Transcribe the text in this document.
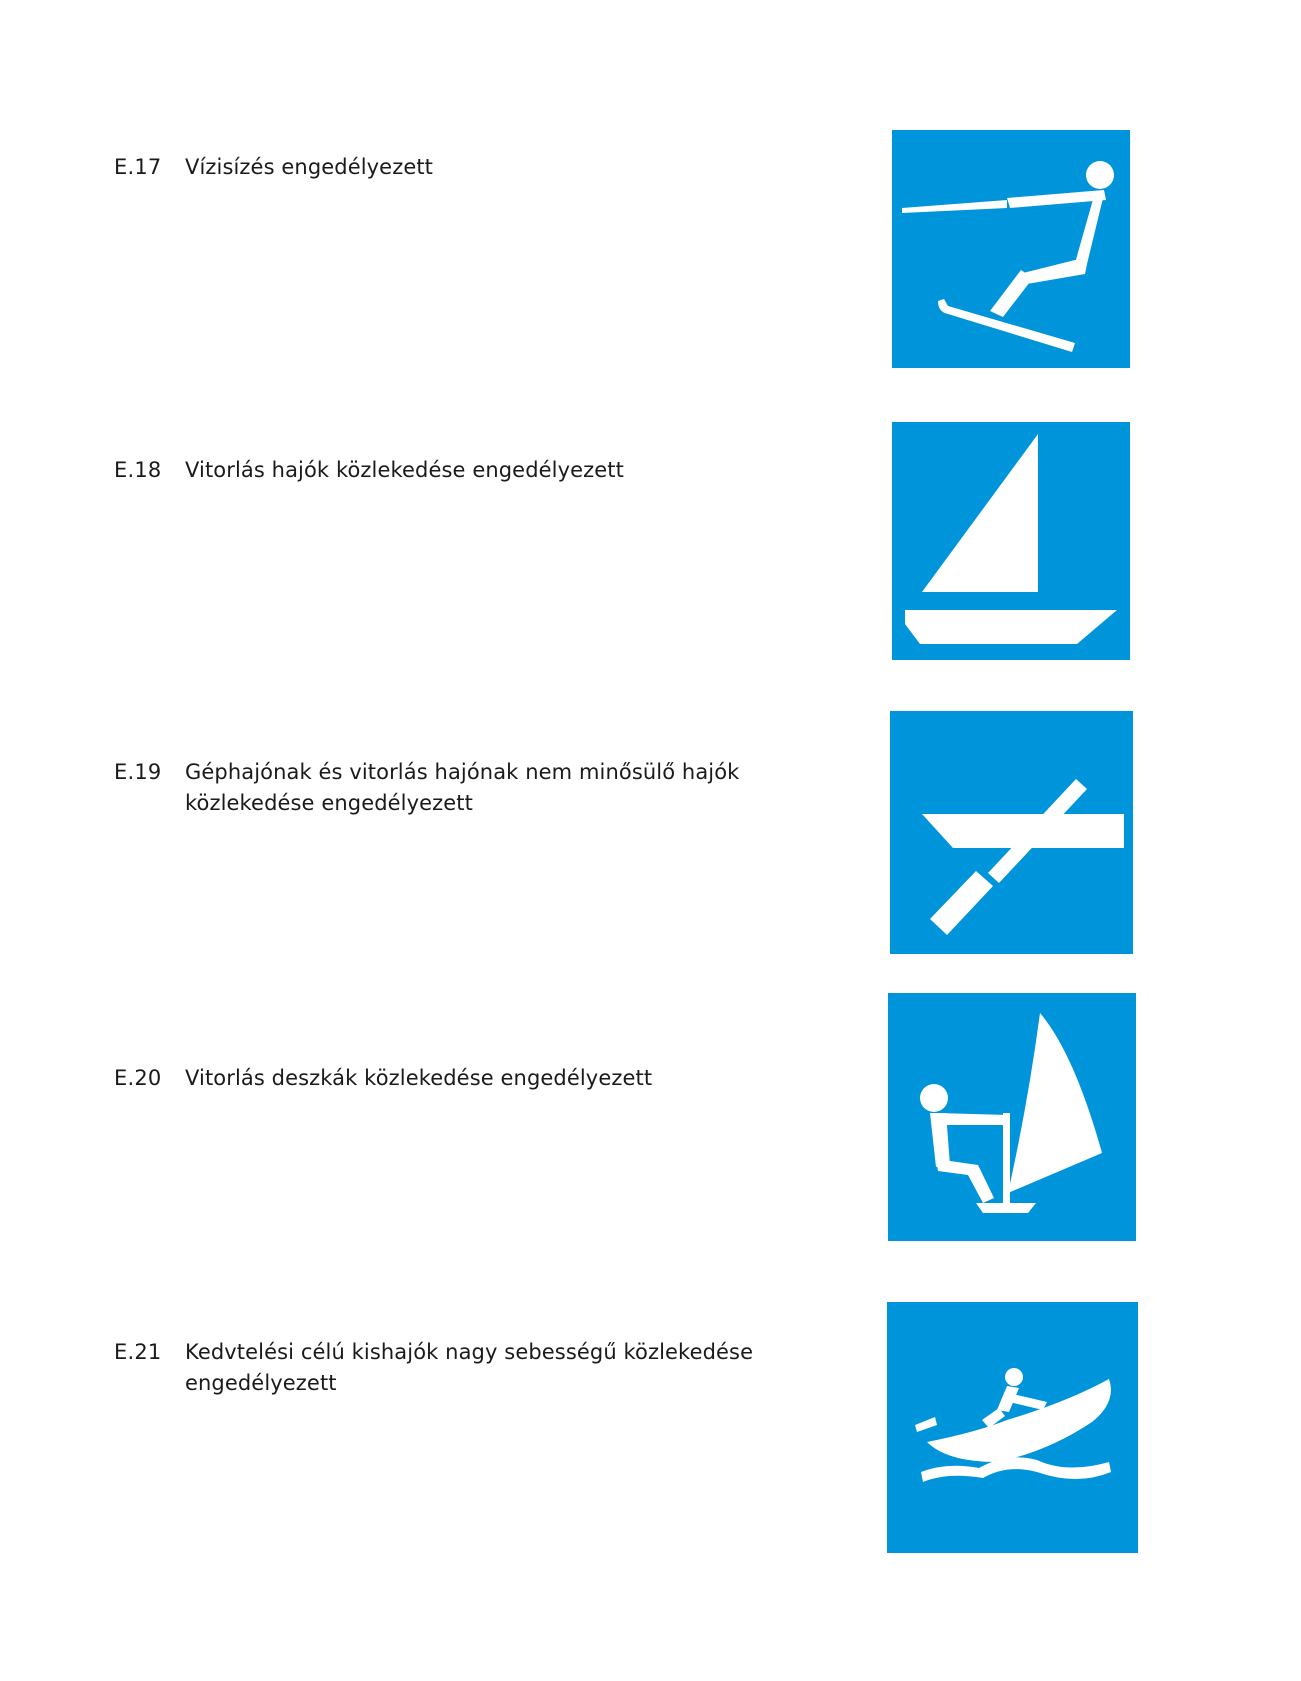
E.17 Vízisízés engedélyezett
E.18 Vitorlás hajók közlekedése engedélyezett
E.19 Géphajónak és vitorlás hajónak nem minősülő hajók
közlekedése engedélyezett
E.20 Vitorlás deszkák közlekedése engedélyezett
E.21 Kedvtelési célú kishajók nagy sebességű közlekedése
engedélyezett
